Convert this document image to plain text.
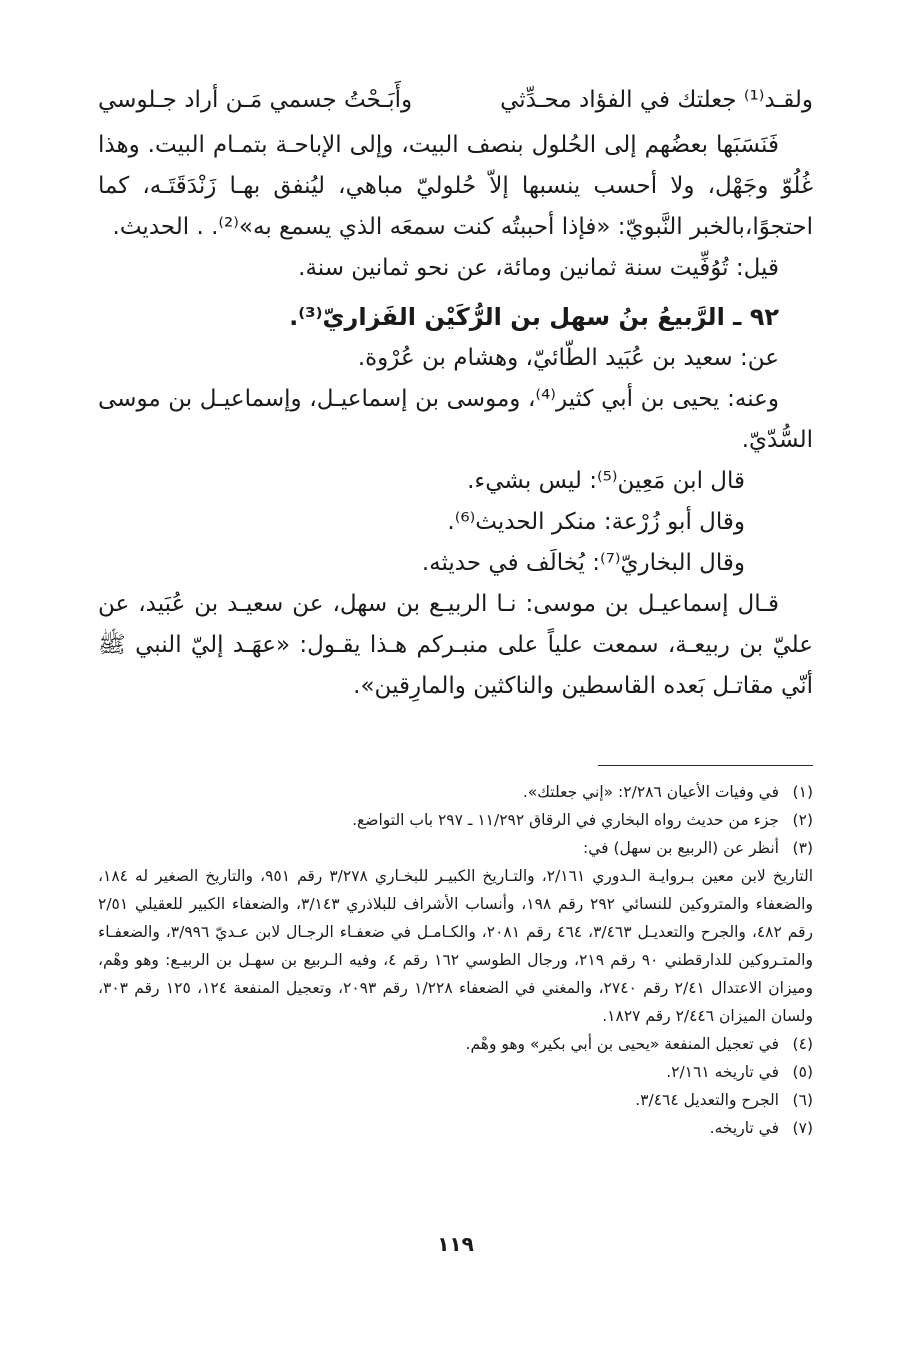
ولقـد⁽¹⁾ جعلتك في الفؤاد محـدِّثي
وأَبَـحْتُ جسمي مَـن أراد جـلوسي

فَنَسَبَها بعضُهم إلى الحُلول بنصف البيت، وإلى الإباحـة بتمـام البيت. وهذا غُلُوّ وجَهْل، ولا أحسب ينسبها إلاّ حُلوليّ مباهي، ليُنفق بهـا زَنْدَقَتَـه، كما احتجوًا،بالخبر النَّبويّ: «فإذا أحببتُه كنت سمعَه الذي يسمع به»⁽²⁾. . الحديث.

قيل: تُوُفِّيت سنة ثمانين ومائة، عن نحو ثمانين سنة.

٩٢ ـ الرَّبيعُ بنُ سهل بن الرُّكَيْن الفَزاريّ⁽³⁾.

عن: سعيد بن عُبَيد الطّائيّ، وهشام بن عُرْوة.

وعنه: يحيى بن أبي كثير⁽⁴⁾، وموسى بن إسماعيـل، وإسماعيـل بن موسى السُّدّيّ.

قال ابن مَعِين⁽⁵⁾: ليس بشيء.

وقال أبو زُرْعة: منكر الحديث⁽⁶⁾.

وقال البخاريّ⁽⁷⁾: يُخالَف في حديثه.

قـال إسماعيـل بن موسى: نـا الربيـع بن سهل، عن سعيـد بن عُبَيد، عن عليّ بن ربيعـة، سمعت علياً على منبـركم هـذا يقـول: «عهَـد إليّ النبي ﷺ أنّي مقاتـل بَعده القاسطين والناكثين والمارِقين».

(١)
في وفيات الأعيان ٢/٢٨٦: «إني جعلتك».
(٢)
جزء من حديث رواه البخاري في الرقاق ١١/٢٩٢ ـ ٢٩٧ باب التواضع.
(٣)
أنظر عن (الربيع بن سهل) في:
التاريخ لابن معين بـروايـة الـدوري ٢/١٦١، والتـاريخ الكبيـر للبخـاري ٣/٢٧٨ رقم ٩٥١، والتاريخ الصغير له ١٨٤، والضعفاء والمتروكين للنسائي ٢٩٢ رقم ١٩٨، وأنساب الأشراف للبلاذري ٣/١٤٣، والضعفاء الكبير للعقيلي ٢/٥١ رقم ٤٨٢، والجرح والتعديـل ٣/٤٦٣، ٤٦٤ رقم ٢٠٨١، والكـامـل في ضعفـاء الرجـال لابن عـديّ ٣/٩٩٦، والضعفـاء والمتـروكين للدارقطني ٩٠ رقم ٢١٩، ورجال الطوسي ١٦٢ رقم ٤، وفيه الـربيع بن سهـل بن الربيـع: وهو وهْم، وميزان الاعتدال ٢/٤١ رقم ٢٧٤٠، والمغني في الضعفاء ١/٢٢٨ رقم ٢٠٩٣، وتعجيل المنفعة ١٢٤، ١٢٥ رقم ٣٠٣، ولسان الميزان ٢/٤٤٦ رقم ١٨٢٧.
(٤)
في تعجيل المنفعة «يحيى بن أبي بكير» وهو وهْم.
(٥)
في تاريخه ٢/١٦١.
(٦)
الجرح والتعديل ٣/٤٦٤.
(٧)
في تاريخه.
١١٩
